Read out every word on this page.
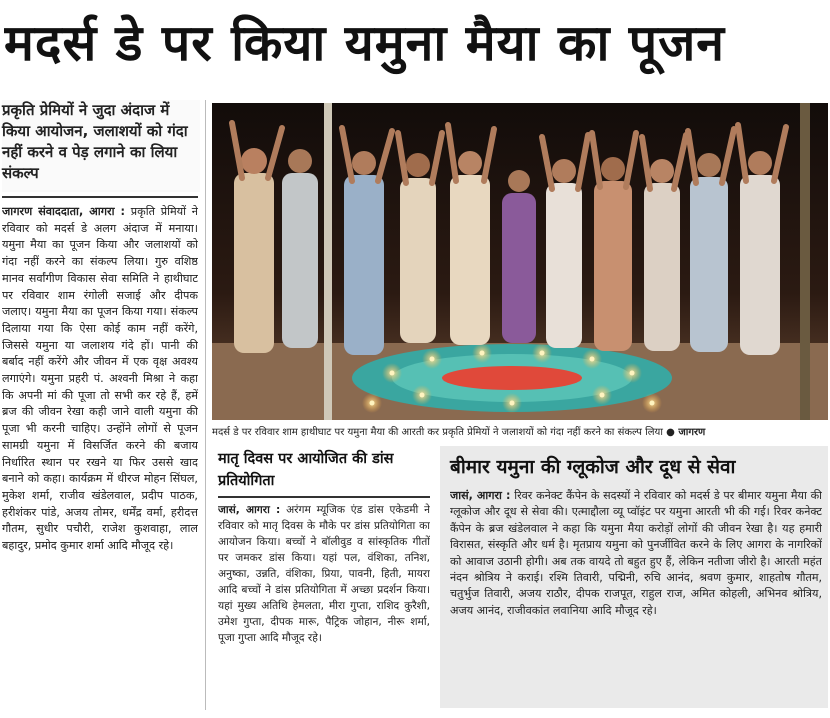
मदर्स डे पर किया यमुना मैया का पूजन
प्रकृति प्रेमियों ने जुदा अंदाज में किया आयोजन, जलाशयों को गंदा नहीं करने व पेड़ लगाने का लिया संकल्प
जागरण संवाददाता, आगरा : प्रकृति प्रेमियों ने रविवार को मदर्स डे अलग अंदाज में मनाया। यमुना मैया का पूजन किया और जलाशयों को गंदा नहीं करने का संकल्प लिया। गुरु वशिष्ठ मानव सर्वांगीण विकास सेवा समिति ने हाथीघाट पर रविवार शाम रंगोली सजाई और दीपक जलाए। यमुना मैया का पूजन किया गया। संकल्प दिलाया गया कि ऐसा कोई काम नहीं करेंगे, जिससे यमुना या जलाशय गंदे हों। पानी की बर्बाद नहीं करेंगे और जीवन में एक वृक्ष अवश्य लगाएंगे। यमुना प्रहरी पं. अश्वनी मिश्रा ने कहा कि अपनी मां की पूजा तो सभी कर रहे हैं, हमें ब्रज की जीवन रेखा कही जाने वाली यमुना की पूजा भी करनी चाहिए। उन्होंने लोगों से पूजन सामग्री यमुना में विसर्जित करने की बजाय निर्धारित स्थान पर रखने या फिर उससे खाद बनाने को कहा। कार्यक्रम में धीरज मोहन सिंघल, मुकेश शर्मा, राजीव खंडेलवाल, प्रदीप पाठक, हरीशंकर पांडे, अजय तोमर, धर्मेंद्र वर्मा, हरीदत्त गौतम, सुधीर पचौरी, राजेश कुशवाहा, लाल बहादुर, प्रमोद कुमार शर्मा आदि मौजूद रहे।
मदर्स डे पर रविवार शाम हाथीघाट पर यमुना मैया की आरती कर प्रकृति प्रेमियों ने जलाशयों को गंदा नहीं करने का संकल्प लिया ● जागरण
मातृ दिवस पर आयोजित की डांस प्रतियोगिता
जासं, आगरा : अरंगम म्यूजिक एंड डांस एकेडमी ने रविवार को मातृ दिवस के मौके पर डांस प्रतियोगिता का आयोजन किया। बच्चों ने बॉलीवुड व सांस्कृतिक गीतों पर जमकर डांस किया। यहां पल, वंशिका, तनिश, अनुष्का, उन्नति, वंशिका, प्रिया, पावनी, हिती, मायरा आदि बच्चों ने डांस प्रतियोगिता में अच्छा प्रदर्शन किया। यहां मुख्य अतिथि हेमलता, मीरा गुप्ता, राशिद कुरैशी, उमेश गुप्ता, दीपक मारू, पैट्रिक जोहान, नीरू शर्मा, पूजा गुप्ता आदि मौजूद रहे।
बीमार यमुना की ग्लूकोज और दूध से सेवा
जासं, आगरा : रिवर कनेक्ट कैंपेन के सदस्यों ने रविवार को मदर्स डे पर बीमार यमुना मैया की ग्लूकोज और दूध से सेवा की। एत्माद्दौला व्यू प्वॉइंट पर यमुना आरती भी की गई। रिवर कनेक्ट कैंपेन के ब्रज खंडेलवाल ने कहा कि यमुना मैया करोड़ों लोगों की जीवन रेखा है। यह हमारी विरासत, संस्कृति और धर्म है। मृतप्राय यमुना को पुनर्जीवित करने के लिए आगरा के नागरिकों को आवाज उठानी होगी। अब तक वायदे तो बहुत हुए हैं, लेकिन नतीजा जीरो है। आरती महंत नंदन श्रोत्रिय ने कराई। रश्मि तिवारी, पद्मिनी, रुचि आनंद, श्रवण कुमार, शाहतोष गौतम, चतुर्भुज तिवारी, अजय राठौर, दीपक राजपूत, राहुल राज, अमित कोहली, अभिनव श्रोत्रिय, अजय आनंद, राजीवकांत लवानिया आदि मौजूद रहे।
